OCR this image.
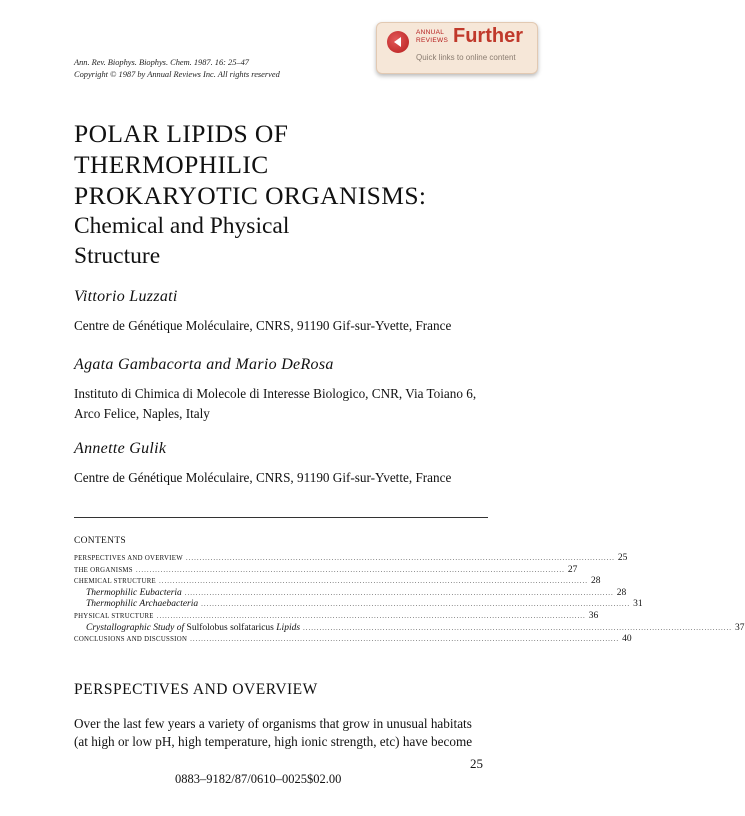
Ann. Rev. Biophys. Biophys. Chem. 1987. 16: 25–47
Copyright © 1987 by Annual Reviews Inc. All rights reserved
ANNUAL
REVIEWS Further
Quick links to online content
POLAR LIPIDS OF
THERMOPHILIC
PROKARYOTIC ORGANISMS:
Chemical and Physical
Structure
Vittorio Luzzati
Centre de Génétique Moléculaire, CNRS, 91190 Gif-sur-Yvette, France
Agata Gambacorta and Mario DeRosa
Instituto di Chimica di Molecole di Interesse Biologico, CNR, Via Toiano 6, Arco Felice, Naples, Italy
Annette Gulik
Centre de Génétique Moléculaire, CNRS, 91190 Gif-sur-Yvette, France
CONTENTS
PERSPECTIVES AND OVERVIEW ............................................................................................................................................................ 25
THE ORGANISMS ............................................................................................................................................................ 27
CHEMICAL STRUCTURE ............................................................................................................................................................ 28
Thermophilic Eubacteria ............................................................................................................................................................ 28
Thermophilic Archaebacteria ............................................................................................................................................................ 31
PHYSICAL STRUCTURE ............................................................................................................................................................ 36
Crystallographic Study of Sulfolobus solfataricus Lipids ............................................................................................................................................................ 37
CONCLUSIONS AND DISCUSSION ............................................................................................................................................................ 40
PERSPECTIVES AND OVERVIEW
Over the last few years a variety of organisms that grow in unusual habitats
(at high or low pH, high temperature, high ionic strength, etc) have become
25
0883–9182/87/0610–0025$02.00
